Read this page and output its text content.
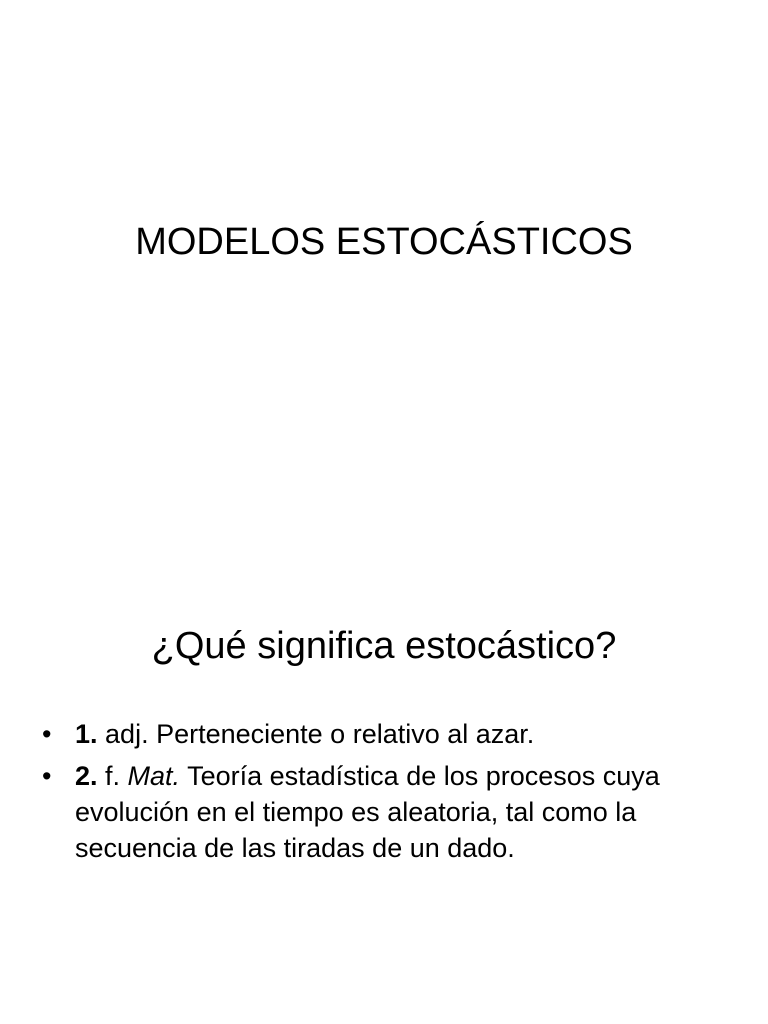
MODELOS ESTOCÁSTICOS
¿Qué significa estocástico?
• 1. adj. Perteneciente o relativo al azar.
• 2. f. Mat. Teoría estadística de los procesos cuya evolución en el tiempo es aleatoria, tal como la secuencia de las tiradas de un dado.
